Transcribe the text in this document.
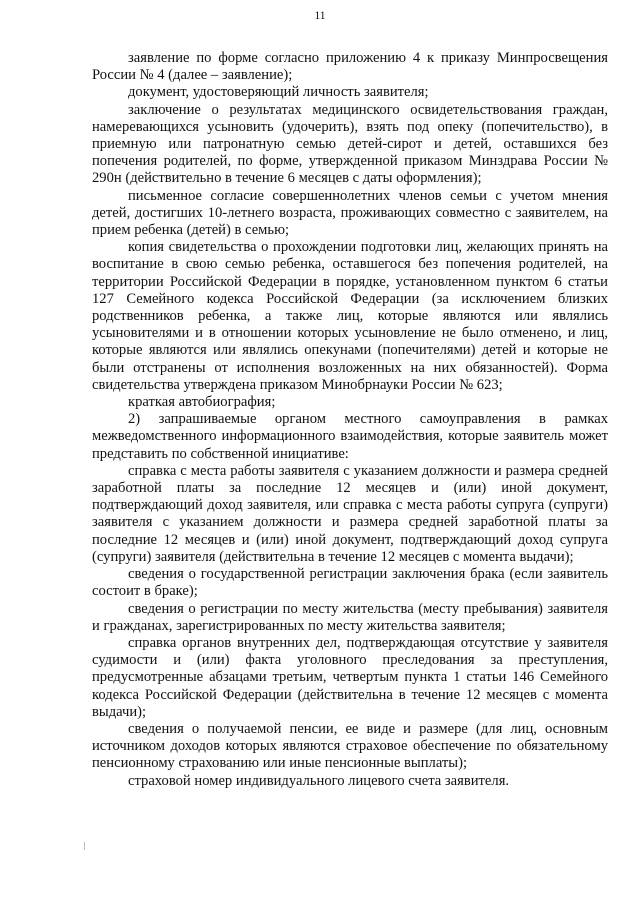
11

заявление по форме согласно приложению 4 к приказу Минпросвещения России № 4 (далее – заявление);

документ, удостоверяющий личность заявителя;

заключение о результатах медицинского освидетельствования граждан, намеревающихся усыновить (удочерить), взять под опеку (попечительство), в приемную или патронатную семью детей-сирот и детей, оставшихся без попечения родителей, по форме, утвержденной приказом Минздрава России № 290н (действительно в течение 6 месяцев с даты оформления);

письменное согласие совершеннолетних членов семьи с учетом мнения детей, достигших 10-летнего возраста, проживающих совместно с заявителем, на прием ребенка (детей) в семью;

копия свидетельства о прохождении подготовки лиц, желающих принять на воспитание в свою семью ребенка, оставшегося без попечения родителей, на территории Российской Федерации в порядке, установленном пунктом 6 статьи 127 Семейного кодекса Российской Федерации (за исключением близких родственников ребенка, а также лиц, которые являются или являлись усыновителями и в отношении которых усыновление не было отменено, и лиц, которые являются или являлись опекунами (попечителями) детей и которые не были отстранены от исполнения возложенных на них обязанностей). Форма свидетельства утверждена приказом Минобрнауки России № 623;

краткая автобиография;

2) запрашиваемые органом местного самоуправления в рамках межведомственного информационного взаимодействия, которые заявитель может представить по собственной инициативе:

справка с места работы заявителя с указанием должности и размера средней заработной платы за последние 12 месяцев и (или) иной документ, подтверждающий доход заявителя, или справка с места работы супруга (супруги) заявителя с указанием должности и размера средней заработной платы за последние 12 месяцев и (или) иной документ, подтверждающий доход супруга (супруги) заявителя (действительна в течение 12 месяцев с момента выдачи);

сведения о государственной регистрации заключения брака (если заявитель состоит в браке);

сведения о регистрации по месту жительства (месту пребывания) заявителя и гражданах, зарегистрированных по месту жительства заявителя;

справка органов внутренних дел, подтверждающая отсутствие у заявителя судимости и (или) факта уголовного преследования за преступления, предусмотренные абзацами третьим, четвертым пункта 1 статьи 146 Семейного кодекса Российской Федерации (действительна в течение 12 месяцев с момента выдачи);

сведения о получаемой пенсии, ее виде и размере (для лиц, основным источником доходов которых являются страховое обеспечение по обязательному пенсионному страхованию или иные пенсионные выплаты);

страховой номер индивидуального лицевого счета заявителя.
